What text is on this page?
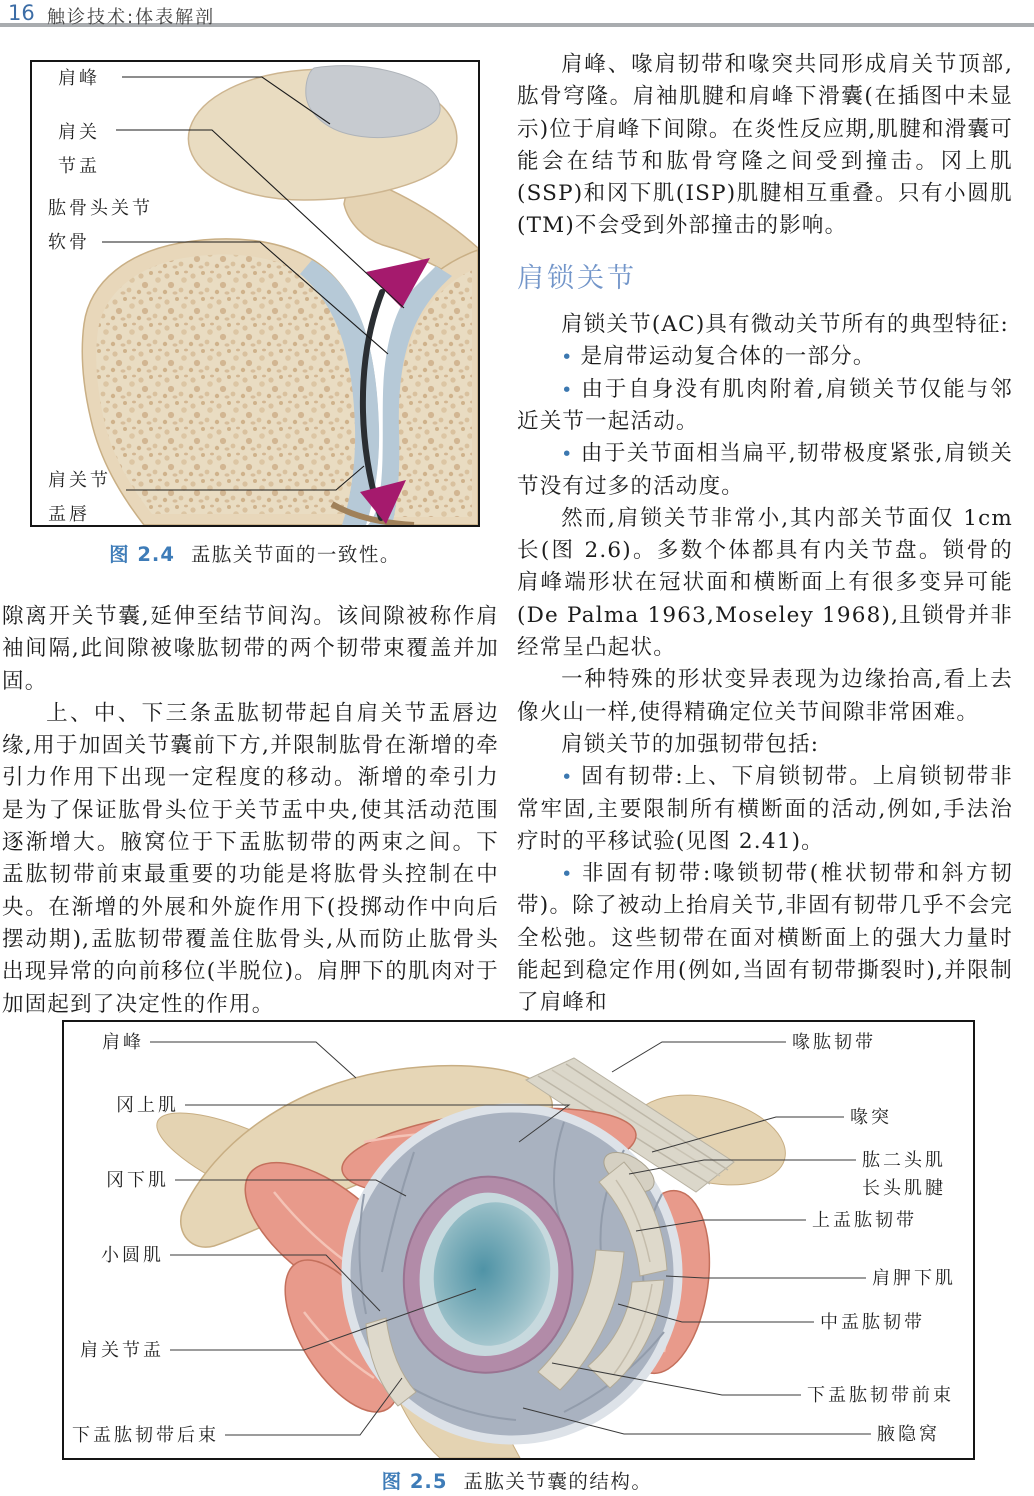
16 触诊技术:体表解剖
肩峰
肩关
节盂
肱骨头关节
软骨
肩关节
盂唇
图 2.4 盂肱关节面的一致性。

隙离开关节囊,延伸至结节间沟。该间隙被称作肩袖间隔,此间隙被喙肱韧带的两个韧带束覆盖并加固。

上、中、下三条盂肱韧带起自肩关节盂唇边缘,用于加固关节囊前下方,并限制肱骨在渐增的牵引力作用下出现一定程度的移动。渐增的牵引力是为了保证肱骨头位于关节盂中央,使其活动范围逐渐增大。腋窝位于下盂肱韧带的两束之间。下盂肱韧带前束最重要的功能是将肱骨头控制在中央。在渐增的外展和外旋作用下(投掷动作中向后摆动期),盂肱韧带覆盖住肱骨头,从而防止肱骨头出现异常的向前移位(半脱位)。肩胛下的肌肉对于加固起到了决定性的作用。

肩峰、喙肩韧带和喙突共同形成肩关节顶部,肱骨穹隆。肩袖肌腱和肩峰下滑囊(在插图中未显示)位于肩峰下间隙。在炎性反应期,肌腱和滑囊可能会在结节和肱骨穹隆之间受到撞击。冈上肌(SSP)和冈下肌(ISP)肌腱相互重叠。只有小圆肌(TM)不会受到外部撞击的影响。

肩锁关节

肩锁关节(AC)具有微动关节所有的典型特征:

• 是肩带运动复合体的一部分。

• 由于自身没有肌肉附着,肩锁关节仅能与邻近关节一起活动。

• 由于关节面相当扁平,韧带极度紧张,肩锁关节没有过多的活动度。

然而,肩锁关节非常小,其内部关节面仅 1cm 长(图 2.6)。多数个体都具有内关节盘。锁骨的肩峰端形状在冠状面和横断面上有很多变异可能(De Palma 1963,Moseley 1968),且锁骨并非经常呈凸起状。

一种特殊的形状变异表现为边缘抬高,看上去像火山一样,使得精确定位关节间隙非常困难。

肩锁关节的加强韧带包括:

• 固有韧带:上、下肩锁韧带。上肩锁韧带非常牢固,主要限制所有横断面的活动,例如,手法治疗时的平移试验(见图 2.41)。

• 非固有韧带:喙锁韧带(椎状韧带和斜方韧带)。除了被动上抬肩关节,非固有韧带几乎不会完全松弛。这些韧带在面对横断面上的强大力量时能起到稳定作用(例如,当固有韧带撕裂时),并限制了肩峰和

肩峰
冈上肌
冈下肌
小圆肌
肩关节盂
下盂肱韧带后束
喙肱韧带
喙突
肱二头肌
长头肌腱
上盂肱韧带
肩胛下肌
中盂肱韧带
下盂肱韧带前束
腋隐窝
图 2.5 盂肱关节囊的结构。
